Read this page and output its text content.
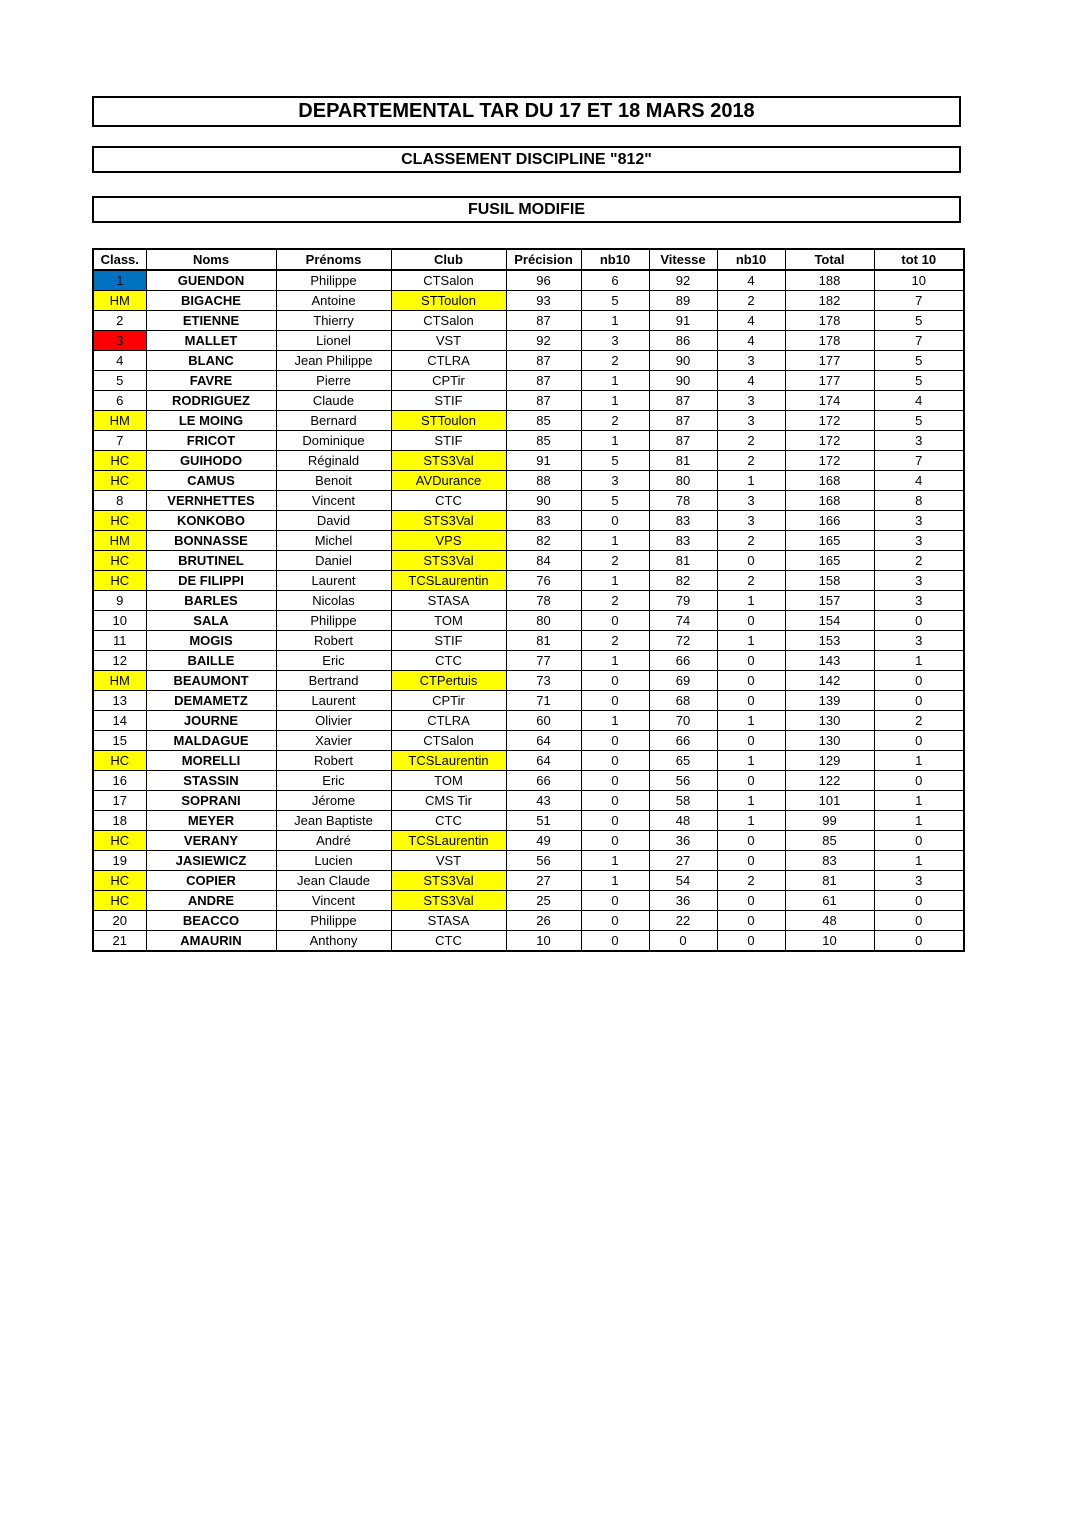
DEPARTEMENTAL TAR DU 17 ET 18 MARS 2018
CLASSEMENT DISCIPLINE "812"
FUSIL MODIFIE
Class.	Noms	Prénoms	Club	Précision	nb10	Vitesse	nb10	Total	tot 10
1	GUENDON	Philippe	CTSalon	96	6	92	4	188	10
HM	BIGACHE	Antoine	STToulon	93	5	89	2	182	7
2	ETIENNE	Thierry	CTSalon	87	1	91	4	178	5
3	MALLET	Lionel	VST	92	3	86	4	178	7
4	BLANC	Jean Philippe	CTLRA	87	2	90	3	177	5
5	FAVRE	Pierre	CPTir	87	1	90	4	177	5
6	RODRIGUEZ	Claude	STIF	87	1	87	3	174	4
HM	LE MOING	Bernard	STToulon	85	2	87	3	172	5
7	FRICOT	Dominique	STIF	85	1	87	2	172	3
HC	GUIHODO	Réginald	STS3Val	91	5	81	2	172	7
HC	CAMUS	Benoit	AVDurance	88	3	80	1	168	4
8	VERNHETTES	Vincent	CTC	90	5	78	3	168	8
HC	KONKOBO	David	STS3Val	83	0	83	3	166	3
HM	BONNASSE	Michel	VPS	82	1	83	2	165	3
HC	BRUTINEL	Daniel	STS3Val	84	2	81	0	165	2
HC	DE FILIPPI	Laurent	TCSLaurentin	76	1	82	2	158	3
9	BARLES	Nicolas	STASA	78	2	79	1	157	3
10	SALA	Philippe	TOM	80	0	74	0	154	0
11	MOGIS	Robert	STIF	81	2	72	1	153	3
12	BAILLE	Eric	CTC	77	1	66	0	143	1
HM	BEAUMONT	Bertrand	CTPertuis	73	0	69	0	142	0
13	DEMAMETZ	Laurent	CPTir	71	0	68	0	139	0
14	JOURNE	Olivier	CTLRA	60	1	70	1	130	2
15	MALDAGUE	Xavier	CTSalon	64	0	66	0	130	0
HC	MORELLI	Robert	TCSLaurentin	64	0	65	1	129	1
16	STASSIN	Eric	TOM	66	0	56	0	122	0
17	SOPRANI	Jérome	CMS Tir	43	0	58	1	101	1
18	MEYER	Jean Baptiste	CTC	51	0	48	1	99	1
HC	VERANY	André	TCSLaurentin	49	0	36	0	85	0
19	JASIEWICZ	Lucien	VST	56	1	27	0	83	1
HC	COPIER	Jean Claude	STS3Val	27	1	54	2	81	3
HC	ANDRE	Vincent	STS3Val	25	0	36	0	61	0
20	BEACCO	Philippe	STASA	26	0	22	0	48	0
21	AMAURIN	Anthony	CTC	10	0	0	0	10	0
